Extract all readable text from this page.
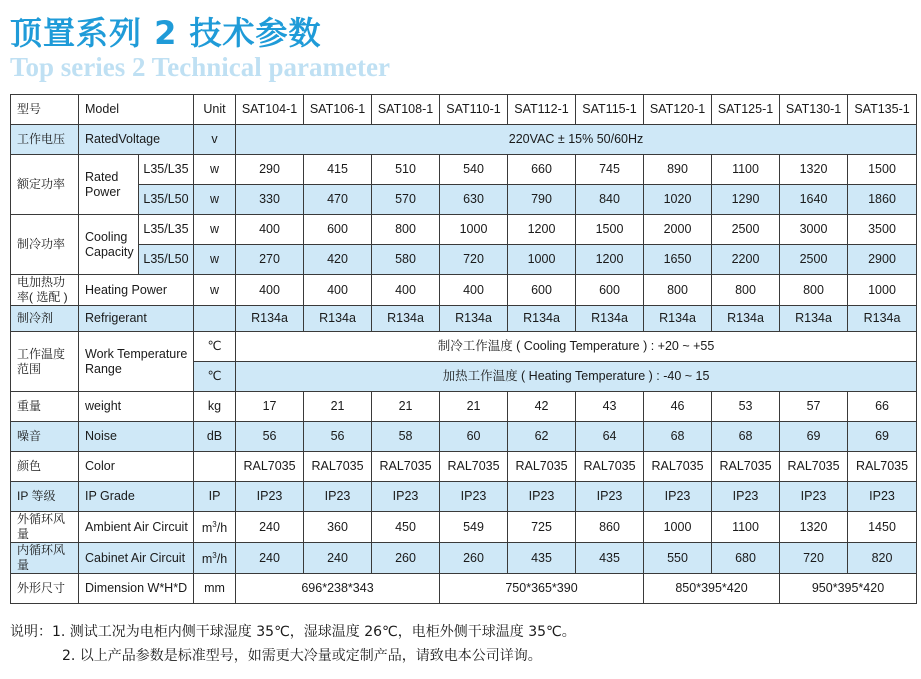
顶置系列 2 技术参数
Top series 2 Technical parameter
型号	Model		Unit	SAT104-1	SAT106-1	SAT108-1	SAT110-1	SAT112-1	SAT115-1	SAT120-1	SAT125-1	SAT130-1	SAT135-1
工作电压	RatedVoltage		v	220VAC ± 15% 50/60Hz									
额定功率	Rated Power	L35/L35	w	290	415	510	540	660	745	890	1100	1320	1500
		L35/L50	w	330	470	570	630	790	840	1020	1290	1640	1860
制冷功率	Cooling Capacity	L35/L35	w	400	600	800	1000	1200	1500	2000	2500	3000	3500
		L35/L50	w	270	420	580	720	1000	1200	1650	2200	2500	2900
电加热功率( 选配 )	Heating Power		w	400	400	400	400	600	600	800	800	800	1000
制冷剂	Refrigerant			R134a	R134a	R134a	R134a	R134a	R134a	R134a	R134a	R134a	R134a
工作温度范围	Work Temperature Range		℃	制冷工作温度 ( Cooling Temperature ) : +20 ~ +55									
			℃	加热工作温度 ( Heating Temperature ) : -40 ~ 15									
重量	weight		kg	17	21	21	21	42	43	46	53	57	66
噪音	Noise		dB	56	56	58	60	62	64	68	68	69	69
颜色	Color			RAL7035	RAL7035	RAL7035	RAL7035	RAL7035	RAL7035	RAL7035	RAL7035	RAL7035	RAL7035
IP 等级	IP Grade		IP	IP23	IP23	IP23	IP23	IP23	IP23	IP23	IP23	IP23	IP23
外循环风量	Ambient Air Circuit		$m^3/h$	240	360	450	549	725	860	1000	1100	1320	1450
内循环风量	Cabinet Air Circuit		$m^3/h$	240	240	260	260	435	435	550	680	720	820
外形尺寸	Dimension W*H*D		mm	696*238*343			750*365*390			850*395*420		950*395*420	
说明：1. 测试工况为电柜内侧干球湿度 35℃，湿球温度 26℃，电柜外侧干球温度 35℃。
2. 以上产品参数是标准型号，如需更大冷量或定制产品，请致电本公司详询。
